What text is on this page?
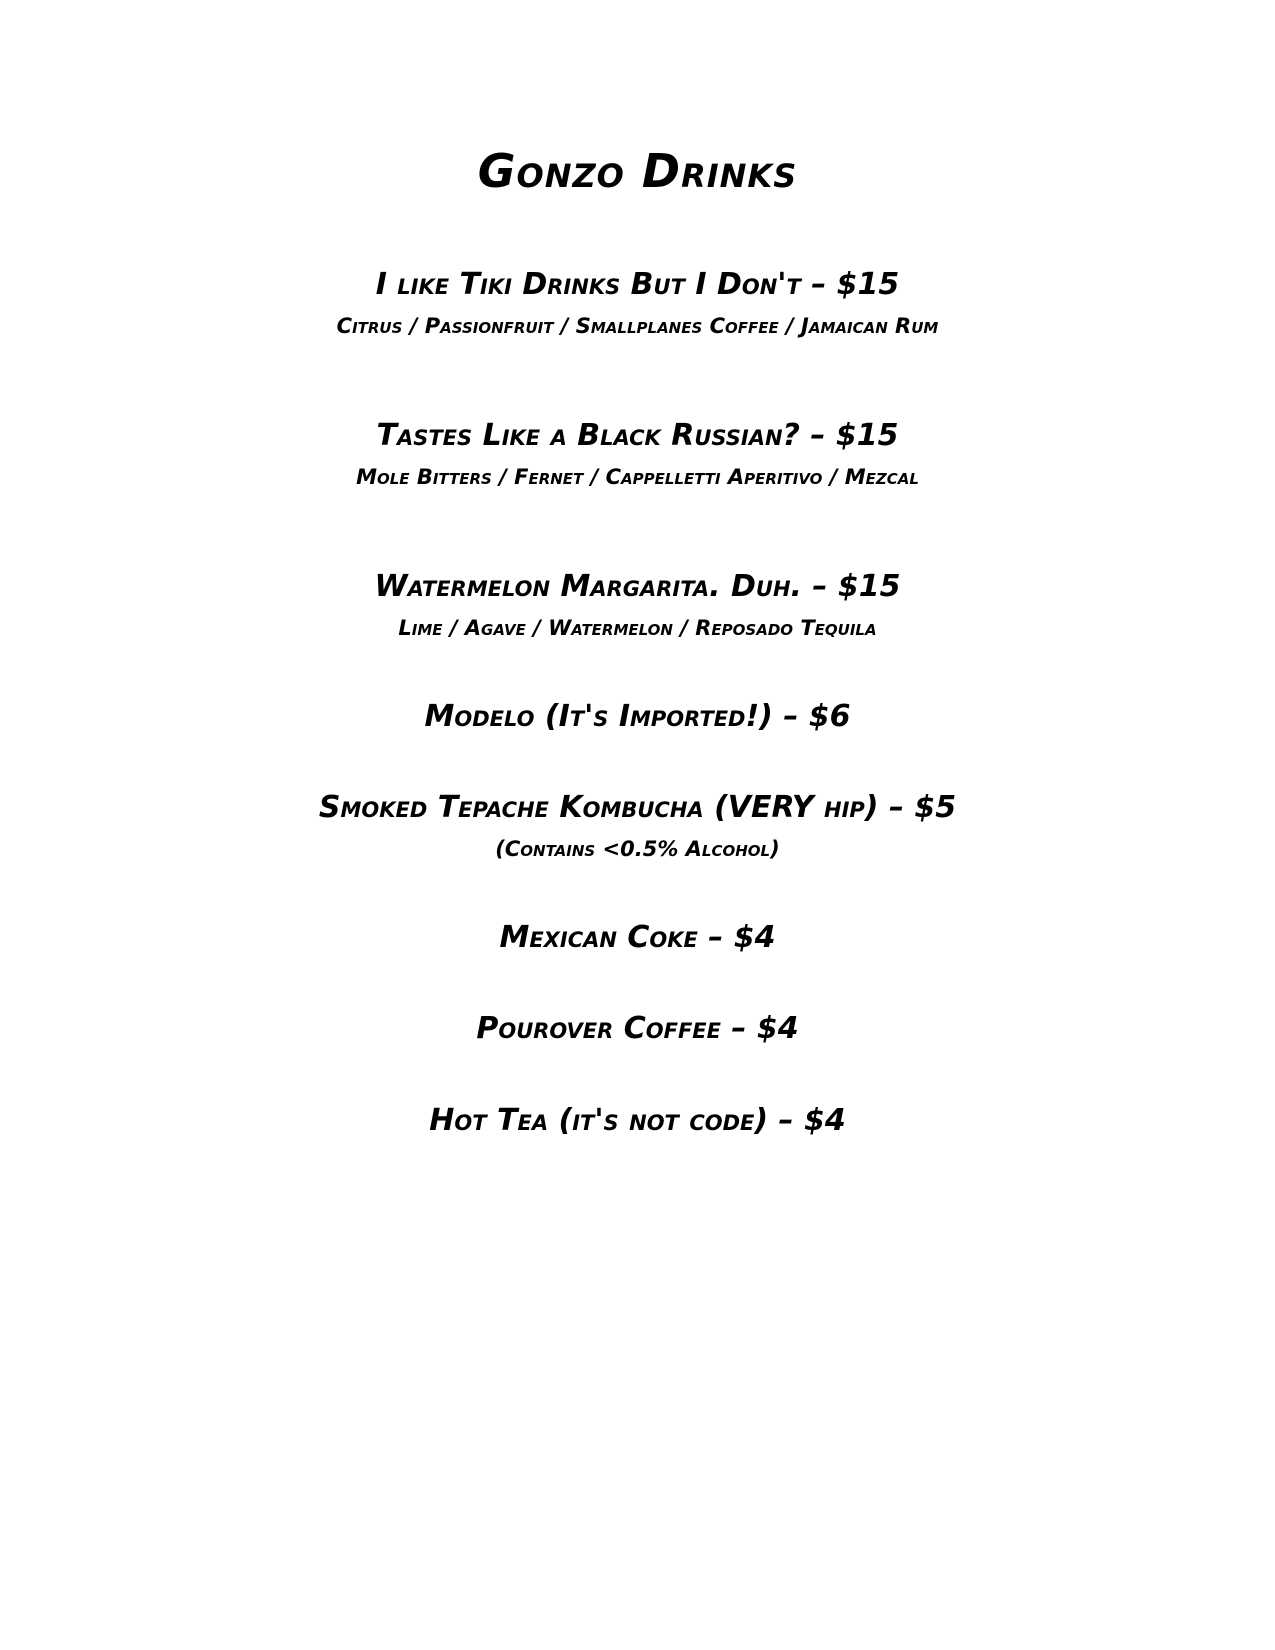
Gonzo Drinks
I like Tiki Drinks But I Don't – $15
Citrus / Passionfruit / Smallplanes Coffee / Jamaican Rum
Tastes Like a Black Russian? – $15
Mole Bitters / Fernet / Cappelletti Aperitivo / Mezcal
Watermelon Margarita. Duh. – $15
Lime / Agave / Watermelon / Reposado Tequila
Modelo (It's Imported!) – $6
Smoked Tepache Kombucha (VERY hip) – $5
(Contains <0.5% Alcohol)
Mexican Coke – $4
Pourover Coffee – $4
Hot Tea (it's not code) – $4
